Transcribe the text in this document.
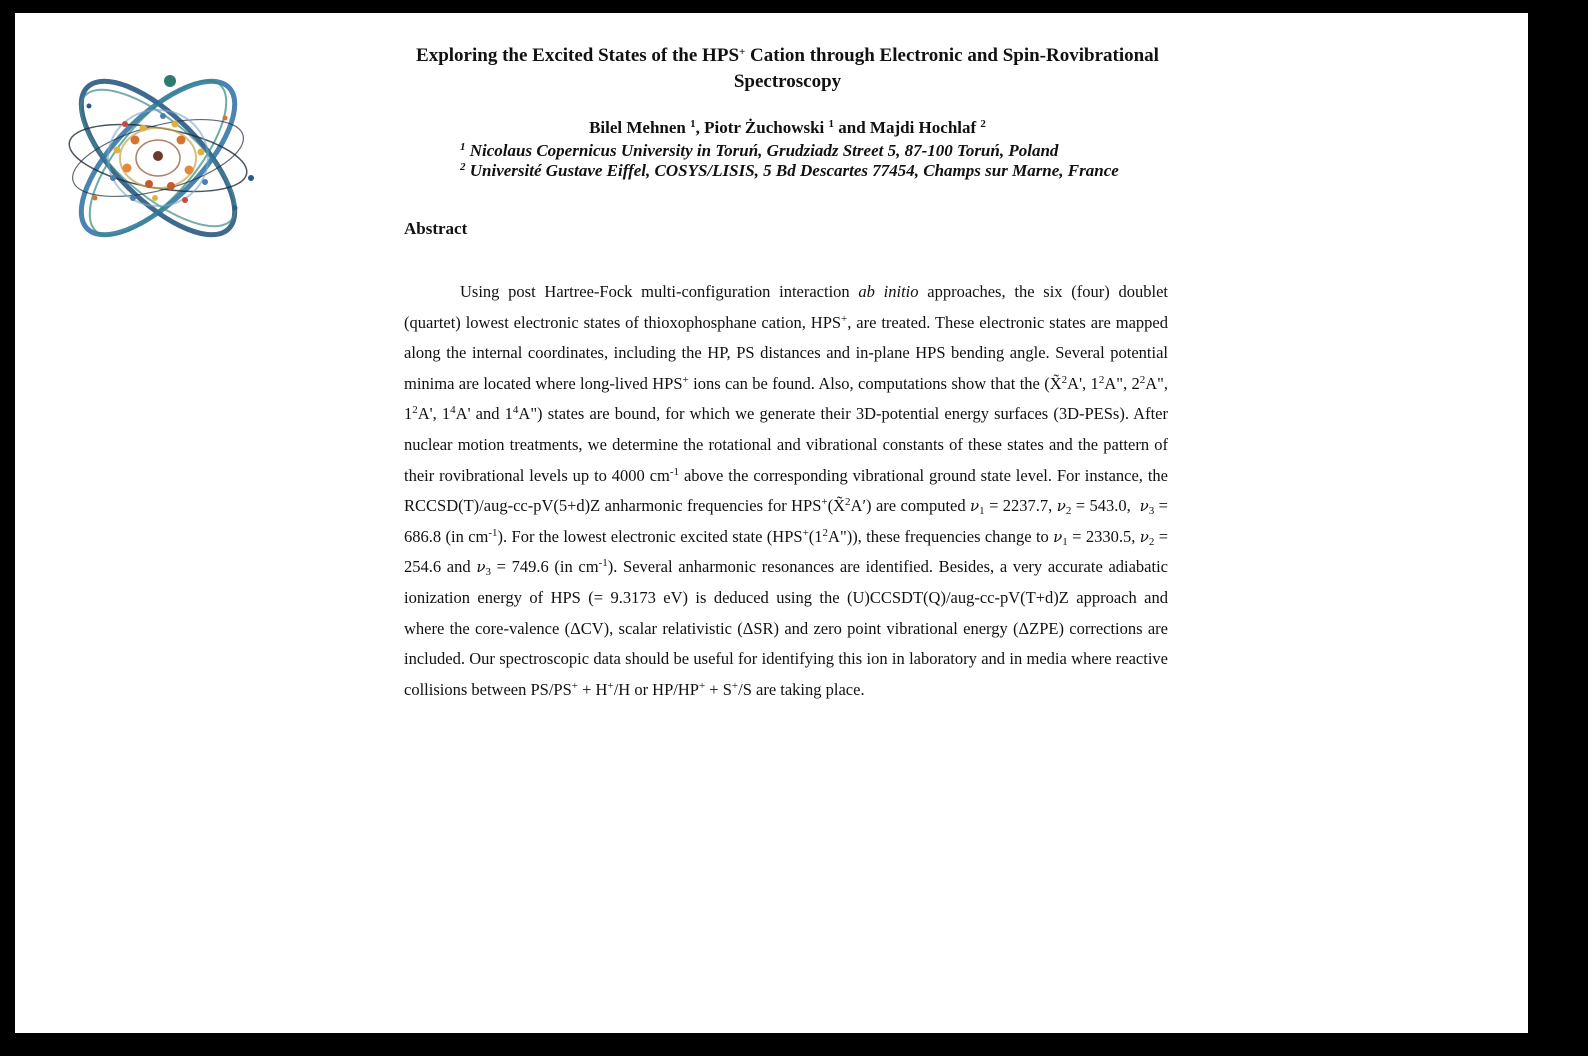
Exploring the Excited States of the HPS+ Cation through Electronic and Spin-Rovibrational Spectroscopy
Bilel Mehnen $^1$, Piotr Żuchowski $^1$ and Majdi Hochlaf $^2$
$^1$ Nicolaus Copernicus University in Toruń, Grudziadz Street 5, 87-100 Toruń, Poland
$^2$ Université Gustave Eiffel, COSYS/LISIS, 5 Bd Descartes 77454, Champs sur Marne, France
Abstract

Using post Hartree-Fock multi-configuration interaction ab initio approaches, the six (four) doublet (quartet) lowest electronic states of thioxophosphane cation, HPS+, are treated. These electronic states are mapped along the internal coordinates, including the HP, PS distances and in-plane HPS bending angle. Several potential minima are located where long-lived HPS+ ions can be found. Also, computations show that the (X̃$^2$A', $1^2A$", $2^2A$", $1^2A'$, $1^4A'$ and $1^4A$") states are bound, for which we generate their 3D-potential energy surfaces (3D-PESs). After nuclear motion treatments, we determine the rotational and vibrational constants of these states and the pattern of their rovibrational levels up to 4000 $cm^{-1}$ above the corresponding vibrational ground state level. For instance, the RCCSD(T)/aug-cc-pV(5+d)Z anharmonic frequencies for HPS+(X̃$^2$A′) are computed $\nu_1 = 2237.7$, $\nu_2 = 543.0$,  $\nu_3 = 686.8$ (in $cm^{-1}$). For the lowest electronic excited state $(HPS^+(1^2A"))$, these frequencies change to $\nu_1 = 2330.5$, $\nu_2 = 254.6$ and $\nu_3 = 749.6$ (in $cm^{-1}$). Several anharmonic resonances are identified. Besides, a very accurate adiabatic ionization energy of HPS (= 9.3173 eV) is deduced using the (U)CCSDT(Q)/aug-cc-pV(T+d)Z approach and where the core-valence (ΔCV), scalar relativistic (ΔSR) and zero point vibrational energy (ΔZPE) corrections are included. Our spectroscopic data should be useful for identifying this ion in laboratory and in media where reactive collisions between PS/PS+ + H+/H or HP/HP+ + S+/S are taking place.
